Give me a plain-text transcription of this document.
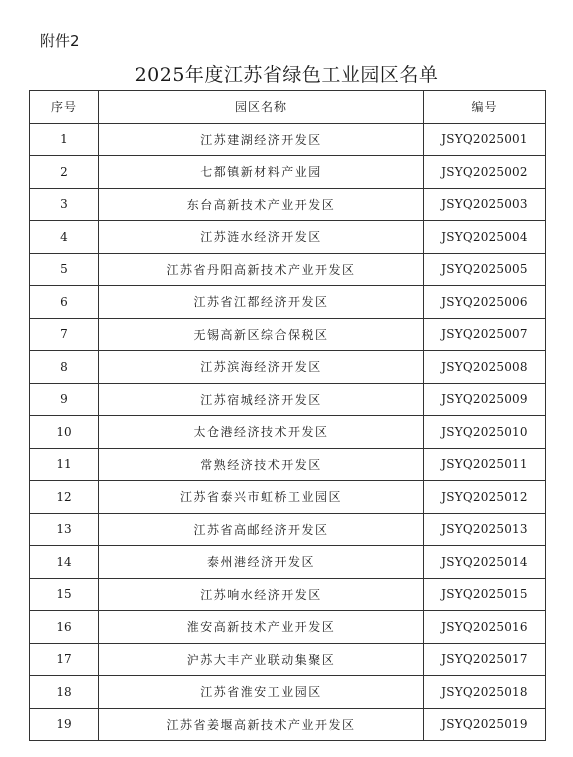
附件2
2025年度江苏省绿色工业园区名单
序号	园区名称	编号
1	江苏建湖经济开发区	JSYQ2025001
2	七都镇新材料产业园	JSYQ2025002
3	东台高新技术产业开发区	JSYQ2025003
4	江苏涟水经济开发区	JSYQ2025004
5	江苏省丹阳高新技术产业开发区	JSYQ2025005
6	江苏省江都经济开发区	JSYQ2025006
7	无锡高新区综合保税区	JSYQ2025007
8	江苏滨海经济开发区	JSYQ2025008
9	江苏宿城经济开发区	JSYQ2025009
10	太仓港经济技术开发区	JSYQ2025010
11	常熟经济技术开发区	JSYQ2025011
12	江苏省泰兴市虹桥工业园区	JSYQ2025012
13	江苏省高邮经济开发区	JSYQ2025013
14	泰州港经济开发区	JSYQ2025014
15	江苏响水经济开发区	JSYQ2025015
16	淮安高新技术产业开发区	JSYQ2025016
17	沪苏大丰产业联动集聚区	JSYQ2025017
18	江苏省淮安工业园区	JSYQ2025018
19	江苏省姜堰高新技术产业开发区	JSYQ2025019
